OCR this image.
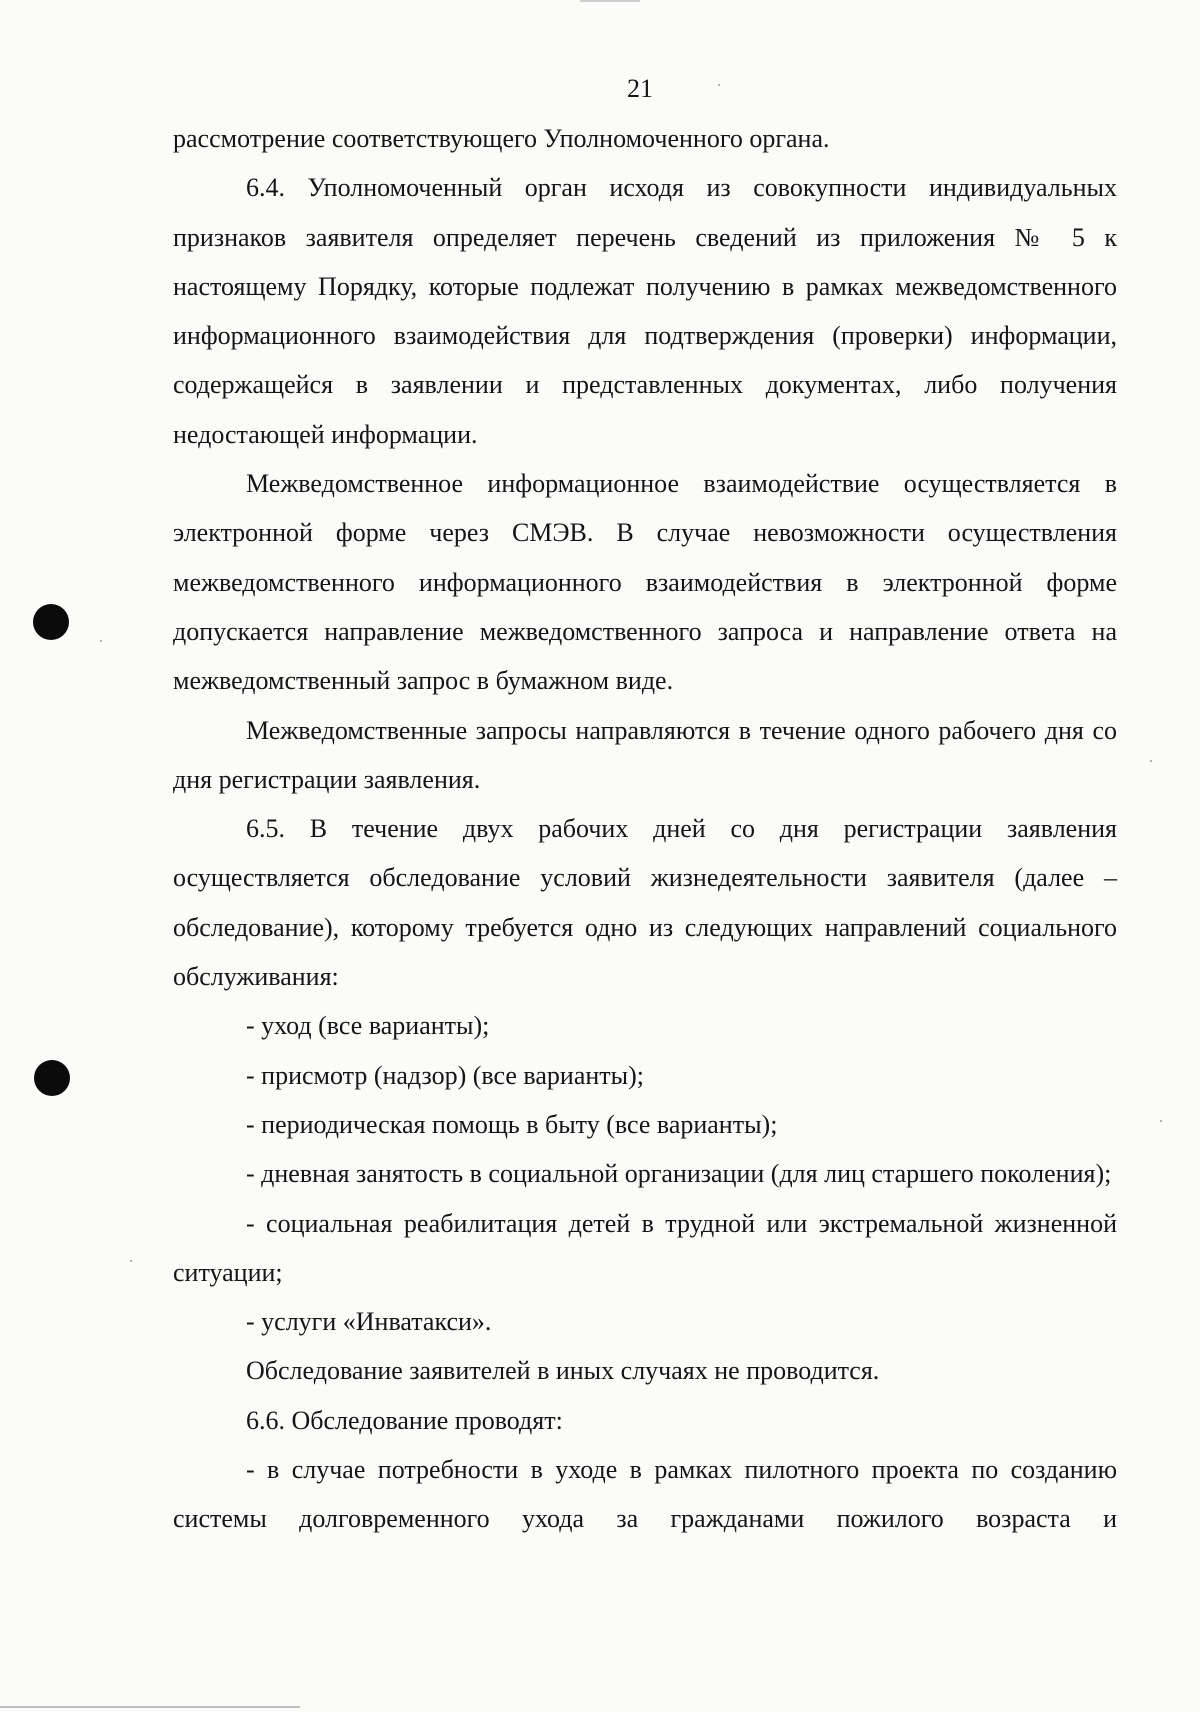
21

рассмотрение соответствующего Уполномоченного органа.

6.4. Уполномоченный орган исходя из совокупности индивидуальных признаков заявителя определяет перечень сведений из приложения № 5 к настоящему Порядку, которые подлежат получению в рамках межведомственного информационного взаимодействия для подтверждения (проверки) информации, содержащейся в заявлении и представленных документах, либо получения недостающей информации.

Межведомственное информационное взаимодействие осуществляется в электронной форме через СМЭВ. В случае невозможности осуществления межведомственного информационного взаимодействия в электронной форме допускается направление межведомственного запроса и направление ответа на межведомственный запрос в бумажном виде.

Межведомственные запросы направляются в течение одного рабочего дня со дня регистрации заявления.

6.5. В течение двух рабочих дней со дня регистрации заявления осуществляется обследование условий жизнедеятельности заявителя (далее – обследование), которому требуется одно из следующих направлений социального обслуживания:

- уход (все варианты);

- присмотр (надзор) (все варианты);

- периодическая помощь в быту (все варианты);

- дневная занятость в социальной организации (для лиц старшего поколения);

- социальная реабилитация детей в трудной или экстремальной жизненной ситуации;

- услуги «Инватакси».

Обследование заявителей в иных случаях не проводится.

6.6. Обследование проводят:

- в случае потребности в уходе в рамках пилотного проекта по созданию системы долговременного ухода за гражданами пожилого возраста и
